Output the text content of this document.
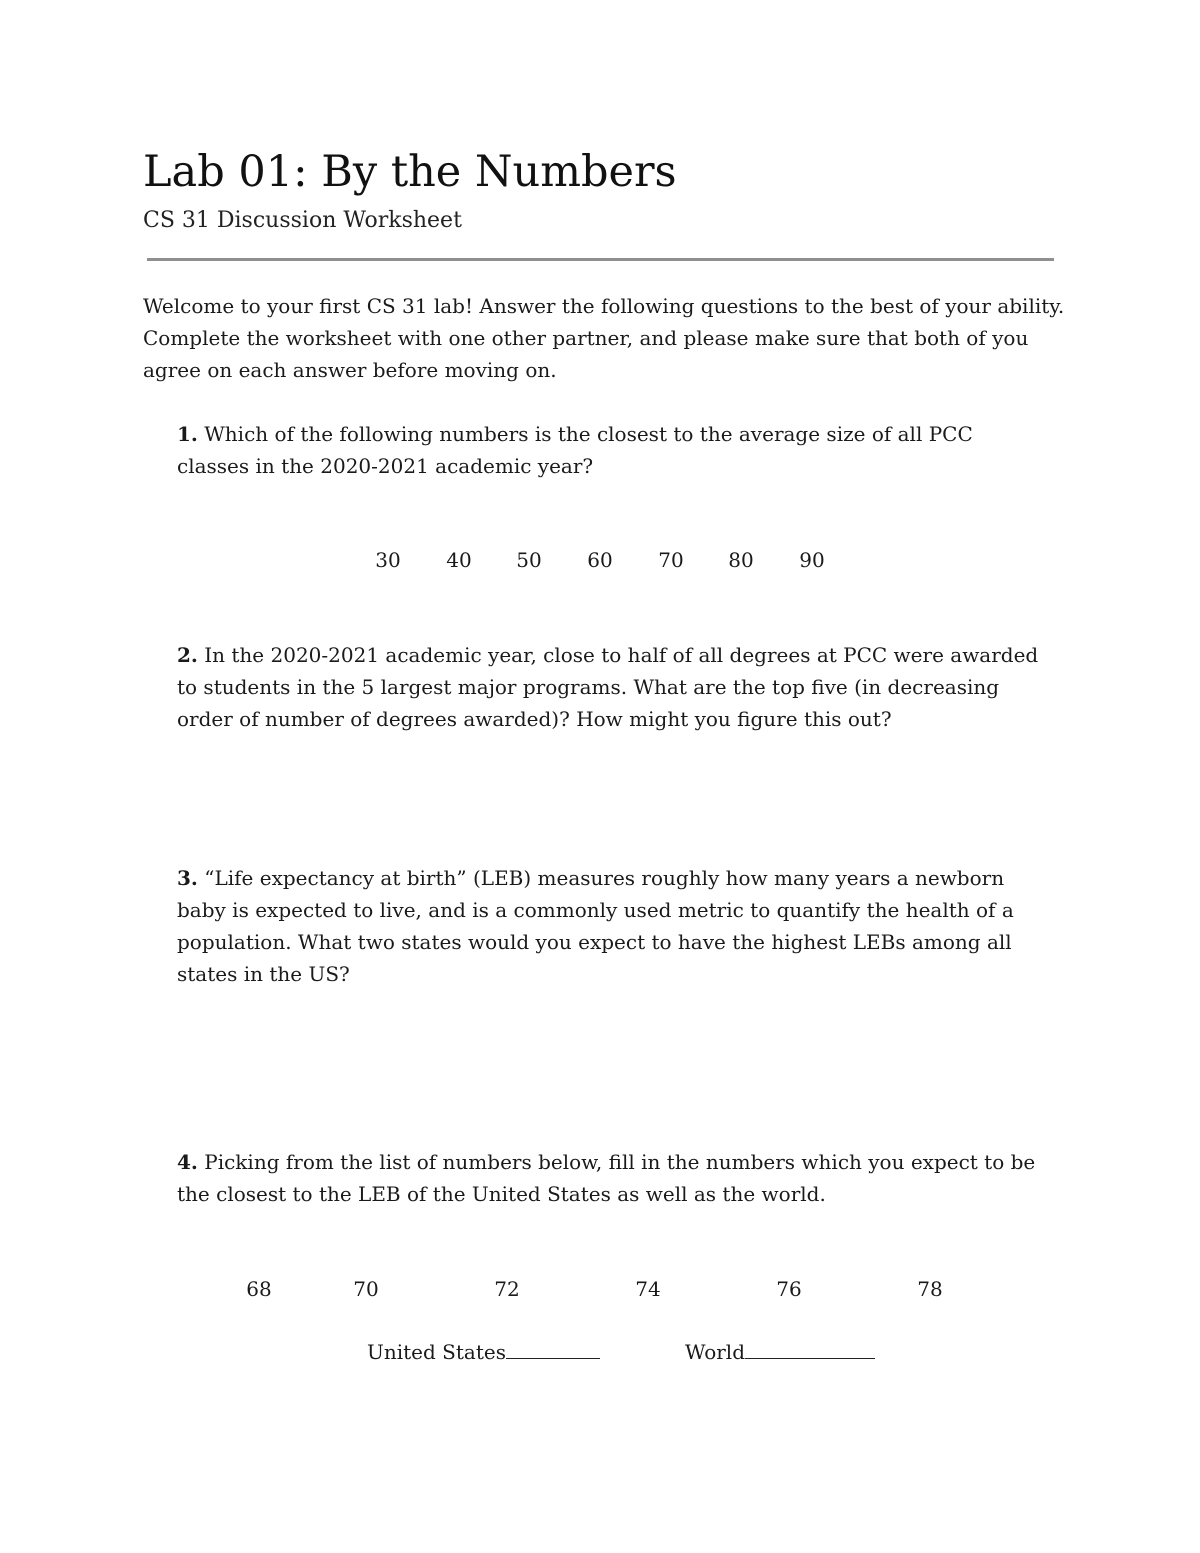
Lab 01: By the Numbers
CS 31 Discussion Worksheet
Welcome to your first CS 31 lab! Answer the following questions to the best of your ability. Complete the worksheet with one other partner, and please make sure that both of you agree on each answer before moving on.
1. Which of the following numbers is the closest to the average size of all PCC classes in the 2020-2021 academic year?
30	40	50	60	70	80	90
2. In the 2020-2021 academic year, close to half of all degrees at PCC were awarded to students in the 5 largest major programs. What are the top five (in decreasing order of number of degrees awarded)? How might you figure this out?
3. “Life expectancy at birth” (LEB) measures roughly how many years a newborn baby is expected to live, and is a commonly used metric to quantify the health of a population. What two states would you expect to have the highest LEBs among all states in the US?
4. Picking from the list of numbers below, fill in the numbers which you expect to be the closest to the LEB of the United States as well as the world.
68	70	72	74	76	78
United States	World
